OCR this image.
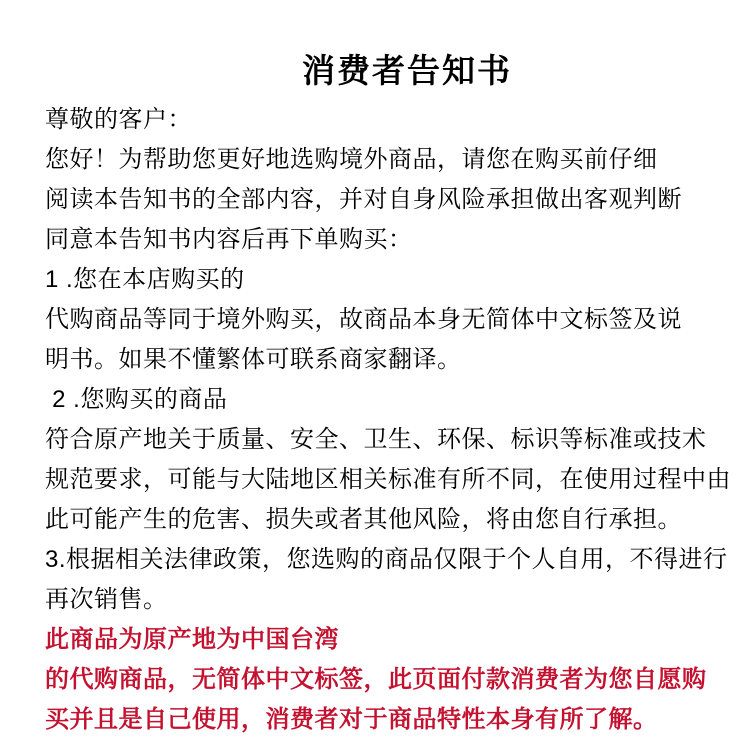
消费者告知书
尊敬的客户：
您好！为帮助您更好地选购境外商品，请您在购买前仔细
阅读本告知书的全部内容，并对自身风险承担做出客观判断
同意本告知书内容后再下单购买：
1 .您在本店购买的
代购商品等同于境外购买，故商品本身无简体中文标签及说
明书。如果不懂繁体可联系商家翻译。
2 .您购买的商品
符合原产地关于质量、安全、卫生、环保、标识等标准或技术
规范要求，可能与大陆地区相关标准有所不同，在使用过程中由
此可能产生的危害、损失或者其他风险，将由您自行承担。
3.根据相关法律政策，您选购的商品仅限于个人自用，不得进行
再次销售。
此商品为原产地为中国台湾
的代购商品，无简体中文标签，此页面付款消费者为您自愿购
买并且是自己使用，消费者对于商品特性本身有所了解。
